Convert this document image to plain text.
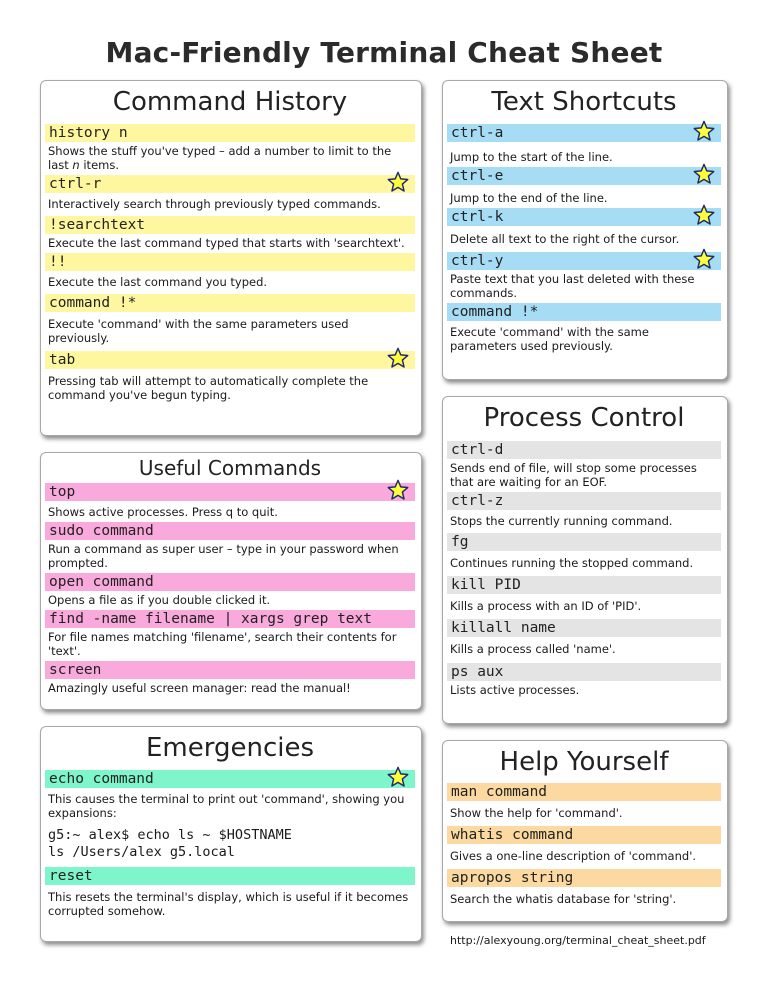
Mac-Friendly Terminal Cheat Sheet
Command History
history n
Shows the stuff you've typed – add a number to limit to the last n items.
ctrl-r
Interactively search through previously typed commands.
!searchtext
Execute the last command typed that starts with 'searchtext'.
!!
Execute the last command you typed.
command !*
Execute 'command' with the same parameters used previously.
tab
Pressing tab will attempt to automatically complete the command you've begun typing.
Useful Commands
top
Shows active processes. Press q to quit.
sudo command
Run a command as super user – type in your password when prompted.
open command
Opens a file as if you double clicked it.
find -name filename | xargs grep text
For file names matching 'filename', search their contents for 'text'.
screen
Amazingly useful screen manager: read the manual!
Emergencies
echo command
This causes the terminal to print out 'command', showing you expansions:
g5:~ alex$ echo ls ~ $HOSTNAME
ls /Users/alex g5.local
reset
This resets the terminal's display, which is useful if it becomes corrupted somehow.
Text Shortcuts
ctrl-a
Jump to the start of the line.
ctrl-e
Jump to the end of the line.
ctrl-k
Delete all text to the right of the cursor.
ctrl-y
Paste text that you last deleted with these commands.
command !*
Execute 'command' with the same parameters used previously.
Process Control
ctrl-d
Sends end of file, will stop some processes that are waiting for an EOF.
ctrl-z
Stops the currently running command.
fg
Continues running the stopped command.
kill PID
Kills a process with an ID of 'PID'.
killall name
Kills a process called 'name'.
ps aux
Lists active processes.
Help Yourself
man command
Show the help for 'command'.
whatis command
Gives a one-line description of 'command'.
apropos string
Search the whatis database for 'string'.
http://alexyoung.org/terminal_cheat_sheet.pdf
